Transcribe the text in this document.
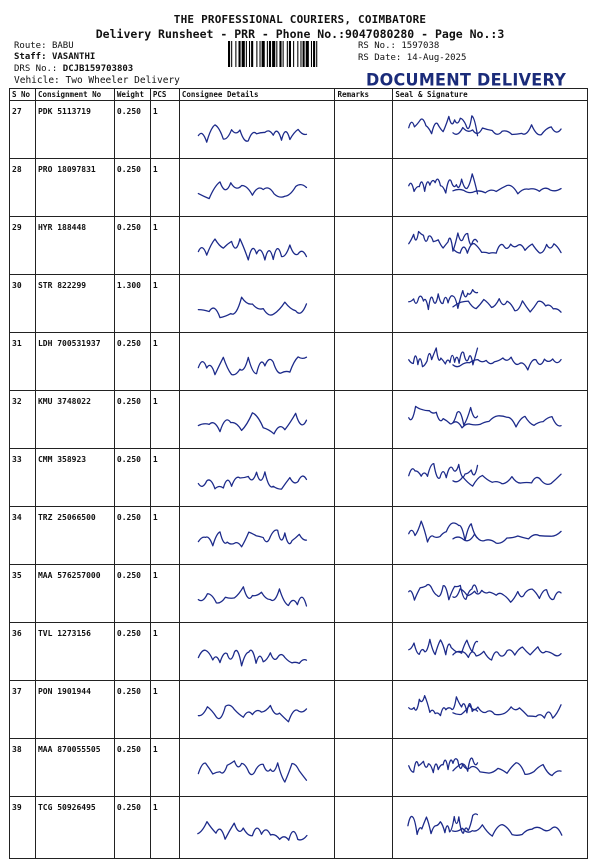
THE PROFESSIONAL COURIERS, COIMBATORE
Delivery Runsheet - PRR - Phone No.:9047080280 - Page No.:3
Route: BABU
Staff: VASANTHI
DRS No.: DCJB159703803
Vehicle: Two Wheeler Delivery
RS No.: 1597038
RS Date: 14-Aug-2025
DOCUMENT DELIVERY
S No	Consignment No	Weight	PCS	Consignee Details	Remarks	Seal & Signature
27	PDK 5113719	0.250	1	

28	PRO 18097831	0.250	1	

29	HYR 188448	0.250	1	

30	STR 822299	1.300	1	

31	LDH 700531937	0.250	1	

32	KMU 3748022	0.250	1	

33	CMM 358923	0.250	1	

34	TRZ 25066500	0.250	1	

35	MAA 576257000	0.250	1	

36	TVL 1273156	0.250	1	

37	PON 1901944	0.250	1	

38	MAA 870055505	0.250	1	

39	TCG 50926495	0.250	1	
